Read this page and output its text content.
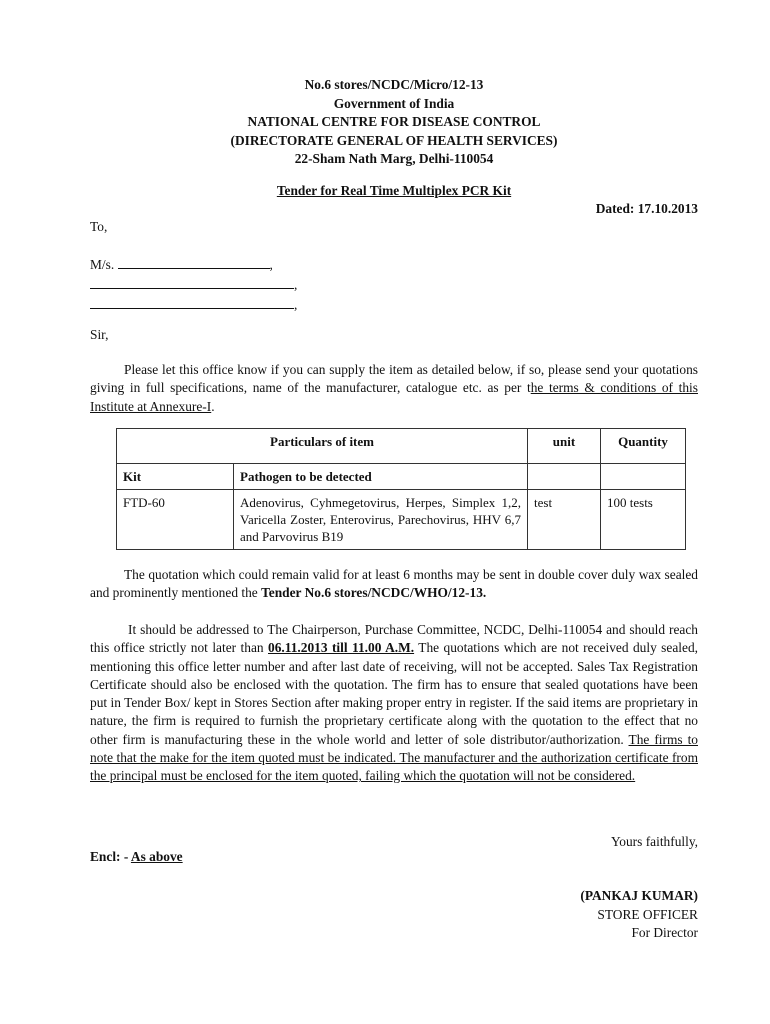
No.6 stores/NCDC/Micro/12-13
Government of India
NATIONAL CENTRE FOR DISEASE CONTROL
(DIRECTORATE GENERAL OF HEALTH SERVICES)
22-Sham Nath Marg, Delhi-110054
Tender for Real Time Multiplex PCR Kit
Dated: 17.10.2013
To,
M/s.	,
,
,
Sir,
Please let this office know if you can supply the item as detailed below, if so, please send your quotations giving in full specifications, name of the manufacturer, catalogue etc. as per the terms & conditions of this Institute at Annexure-I.
Particulars of item		unit	Quantity
Kit	Pathogen to be detected		
FTD-60	Adenovirus, Cyhmegetovirus, Herpes, Simplex 1,2, Varicella Zoster, Enterovirus, Parechovirus, HHV 6,7 and Parvovirus B19	test	100 tests
The quotation which could remain valid for at least 6 months may be sent in double cover duly wax sealed and prominently mentioned the Tender No.6 stores/NCDC/WHO/12-13.
It should be addressed to The Chairperson, Purchase Committee, NCDC, Delhi-110054 and should reach this office strictly not later than 06.11.2013 till 11.00 A.M. The quotations which are not received duly sealed, mentioning this office letter number and after last date of receiving, will not be accepted. Sales Tax Registration Certificate should also be enclosed with the quotation. The firm has to ensure that sealed quotations have been put in Tender Box/ kept in Stores Section after making proper entry in register. If the said items are proprietary in nature, the firm is required to furnish the proprietary certificate along with the quotation to the effect that no other firm is manufacturing these in the whole world and letter of sole distributor/authorization. The firms to note that the make for the item quoted must be indicated. The manufacturer and the authorization certificate from the principal must be enclosed for the item quoted, failing which the quotation will not be considered.
Yours faithfully,
Encl: - As above
(PANKAJ KUMAR)
STORE OFFICER
For Director
